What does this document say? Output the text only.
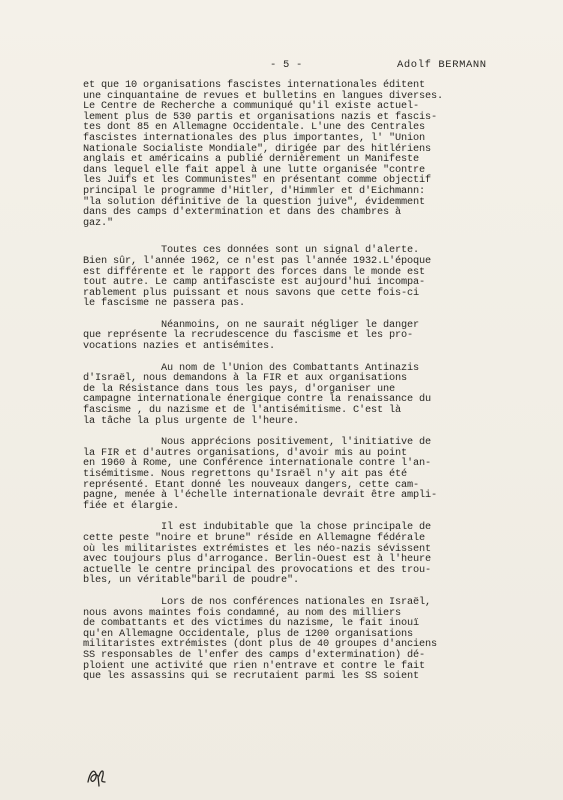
- 5 -	Adolf BERMANN
et que 10 organisations fascistes internationales éditent
une cinquantaine de revues et bulletins en langues diverses.
Le Centre de Recherche a communiqué qu'il existe actuel-
lement plus de 530 partis et organisations nazis et fascis-
tes dont 85 en Allemagne Occidentale. L'une des Centrales
fascistes internationales des plus importantes, l' "Union
Nationale Socialiste Mondiale", dirigée par des hitlériens
anglais et américains a publié dernièrement un Manifeste
dans lequel elle fait appel à une lutte organisée "contre
les Juifs et les Communistes" en présentant comme objectif
principal le programme d'Hitler, d'Himmler et d'Eichmann:
"la solution définitive de la question juive", évidemment
dans des camps d'extermination et dans des chambres à
gaz."
Toutes ces données sont un signal d'alerte.
Bien sûr, l'année 1962, ce n'est pas l'année 1932.L'époque
est différente et le rapport des forces dans le monde est
tout autre. Le camp antifasciste est aujourd'hui incompa-
rablement plus puissant et nous savons que cette fois-ci
le fascisme ne passera pas.
Néanmoins, on ne saurait négliger le danger
que représente la recrudescence du fascisme et les pro-
vocations nazies et antisémites.
Au nom de l'Union des Combattants Antinazis
d'Israël, nous demandons à la FIR et aux organisations
de la Résistance dans tous les pays, d'organiser une
campagne internationale énergique contre la renaissance du
fascisme , du nazisme et de l'antisémitisme. C'est là
la tâche la plus urgente de l'heure.
Nous apprécions positivement, l'initiative de
la FIR et d'autres organisations, d'avoir mis au point
en 1960 à Rome, une Conférence internationale contre l'an-
tisémitisme. Nous regrettons qu'Israël n'y ait pas été
représenté. Etant donné les nouveaux dangers, cette cam-
pagne, menée à l'échelle internationale devrait être ampli-
fiée et élargie.
Il est indubitable que la chose principale de
cette peste "noire et brune" réside en Allemagne fédérale
où les militaristes extrémistes et les néo-nazis sévissent
avec toujours plus d'arrogance. Berlin-Ouest est à l'heure
actuelle le centre principal des provocations et des trou-
bles, un véritable"baril de poudre".
Lors de nos conférences nationales en Israël,
nous avons maintes fois condamné, au nom des milliers
de combattants et des victimes du nazisme, le fait inouï
qu'en Allemagne Occidentale, plus de 1200 organisations
militaristes extrémistes (dont plus de 40 groupes d'anciens
SS responsables de l'enfer des camps d'extermination) dé-
ploient une activité que rien n'entrave et contre le fait
que les assassins qui se recrutaient parmi les SS soient
